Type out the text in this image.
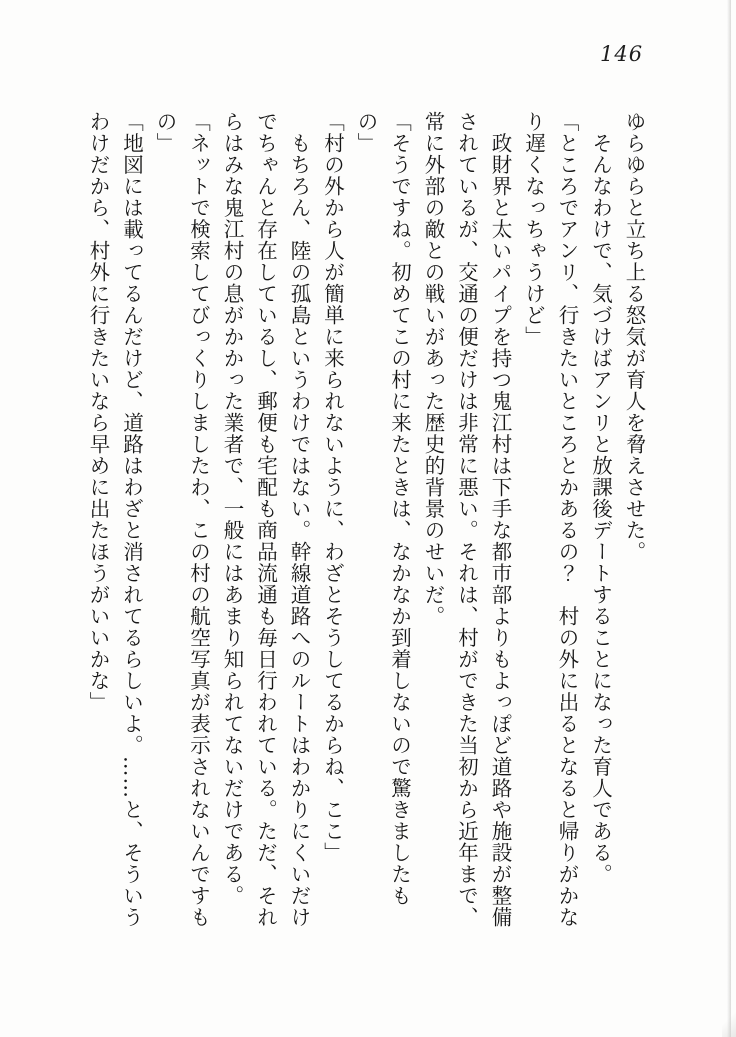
146

ゆらゆらと立ち上る怒気が育人を脅えさせた。

　そんなわけで、気づけばアンリと放課後デートすることになった育人である。

「ところでアンリ、行きたいところとかあるの？　村の外に出るとなると帰りがかな

り遅くなっちゃうけど」

　政財界と太いパイプを持つ鬼江村は下手な都市部よりもよっぽど道路や施設が整備

されているが、交通の便だけは非常に悪い。それは、村ができた当初から近年まで、

常に外部の敵との戦いがあった歴史的背景のせいだ。

「そうですね。初めてこの村に来たときは、なかなか到着しないので驚きましたも

の」

「村の外から人が簡単に来られないように、わざとそうしてるからね、ここ」

　もちろん、陸の孤島というわけではない。幹線道路へのルートはわかりにくいだけ

でちゃんと存在しているし、郵便も宅配も商品流通も毎日行われている。ただ、それ

らはみな鬼江村の息がかかった業者で、一般にはあまり知られてないだけである。

「ネットで検索してびっくりしましたわ、この村の航空写真が表示されないんですも

の」

「地図には載ってるんだけど、道路はわざと消されてるらしいよ。……と、そういう

わけだから、村外に行きたいなら早めに出たほうがいいかな」
